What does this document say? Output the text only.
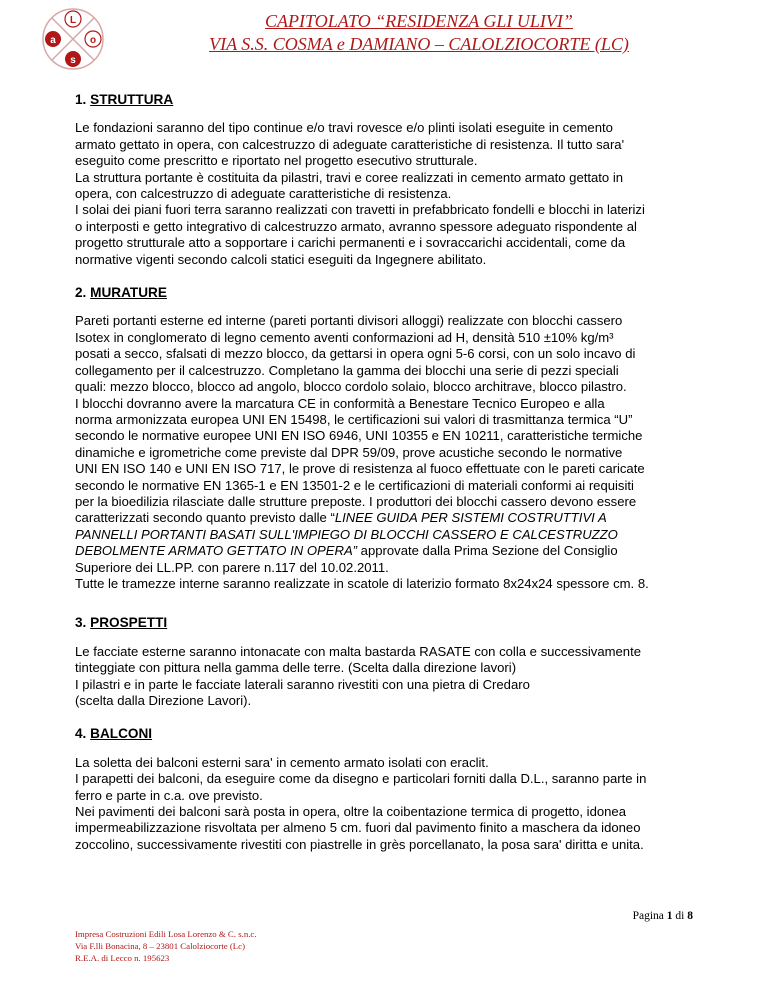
L
a	o
s
CAPITOLATO “RESIDENZA GLI ULIVI”
VIA S.S. COSMA e DAMIANO – CALOLZIOCORTE (LC)
1. STRUTTURA

Le fondazioni saranno del tipo continue e/o travi rovesce e/o plinti isolati eseguite in cemento
armato gettato in opera, con calcestruzzo di adeguate caratteristiche di resistenza. Il tutto sara'
eseguito come prescritto e riportato nel progetto esecutivo strutturale.
La struttura portante è costituita da pilastri, travi e coree realizzati in cemento armato gettato in
opera, con calcestruzzo di adeguate caratteristiche di resistenza.
I solai dei piani fuori terra saranno realizzati con travetti in prefabbricato fondelli e blocchi in laterizi
o interposti e getto integrativo di calcestruzzo armato, avranno spessore adeguato rispondente al
progetto strutturale atto a sopportare i carichi permanenti e i sovraccarichi accidentali, come da
normative vigenti secondo calcoli statici eseguiti da Ingegnere abilitato.

2. MURATURE

Pareti portanti esterne ed interne (pareti portanti divisori alloggi) realizzate con blocchi cassero
Isotex in conglomerato di legno cemento aventi conformazioni ad H, densità 510 ±10% kg/m³
posati a secco, sfalsati di mezzo blocco, da gettarsi in opera ogni 5-6 corsi, con un solo incavo di
collegamento per il calcestruzzo. Completano la gamma dei blocchi una serie di pezzi speciali
quali: mezzo blocco, blocco ad angolo, blocco cordolo solaio, blocco architrave, blocco pilastro.
I blocchi dovranno avere la marcatura CE in conformità a Benestare Tecnico Europeo e alla
norma armonizzata europea UNI EN 15498, le certificazioni sui valori di trasmittanza termica “U”
secondo le normative europee UNI EN ISO 6946, UNI 10355 e EN 10211, caratteristiche termiche
dinamiche e igrometriche come previste dal DPR 59/09, prove acustiche secondo le normative
UNI EN ISO 140 e UNI EN ISO 717, le prove di resistenza al fuoco effettuate con le pareti caricate
secondo le normative EN 1365-1 e EN 13501-2 e le certificazioni di materiali conformi ai requisiti
per la bioedilizia rilasciate dalle strutture preposte. I produttori dei blocchi cassero devono essere
caratterizzati secondo quanto previsto dalle “LINEE GUIDA PER SISTEMI COSTRUTTIVI A
PANNELLI PORTANTI BASATI SULL'IMPIEGO DI BLOCCHI CASSERO E CALCESTRUZZO
DEBOLMENTE ARMATO GETTATO IN OPERA” approvate dalla Prima Sezione del Consiglio
Superiore dei LL.PP. con parere n.117 del 10.02.2011.
Tutte le tramezze interne saranno realizzate in scatole di laterizio formato 8x24x24 spessore cm. 8.

3. PROSPETTI

Le facciate esterne saranno intonacate con malta bastarda RASATE con colla e successivamente
tinteggiate con pittura nella gamma delle terre. (Scelta dalla direzione lavori)
I pilastri e in parte le facciate laterali saranno rivestiti con una pietra di Credaro
(scelta dalla Direzione Lavori).

4. BALCONI

La soletta dei balconi esterni sara' in cemento armato isolati con eraclit.
I parapetti dei balconi, da eseguire come da disegno e particolari forniti dalla D.L., saranno parte in
ferro e parte in c.a. ove previsto.
Nei pavimenti dei balconi sarà posta in opera, oltre la coibentazione termica di progetto, idonea
impermeabilizzazione risvoltata per almeno 5 cm. fuori dal pavimento finito a maschera da idoneo
zoccolino, successivamente rivestiti con piastrelle in grès porcellanato, la posa sara' diritta e unita.

Pagina 1 di 8
Impresa Costruzioni Edili Losa Lorenzo & C. s.n.c.
Via F.lli Bonacina, 8 – 23801 Calolziocorte (Lc)
R.E.A. di Lecco n. 195623
